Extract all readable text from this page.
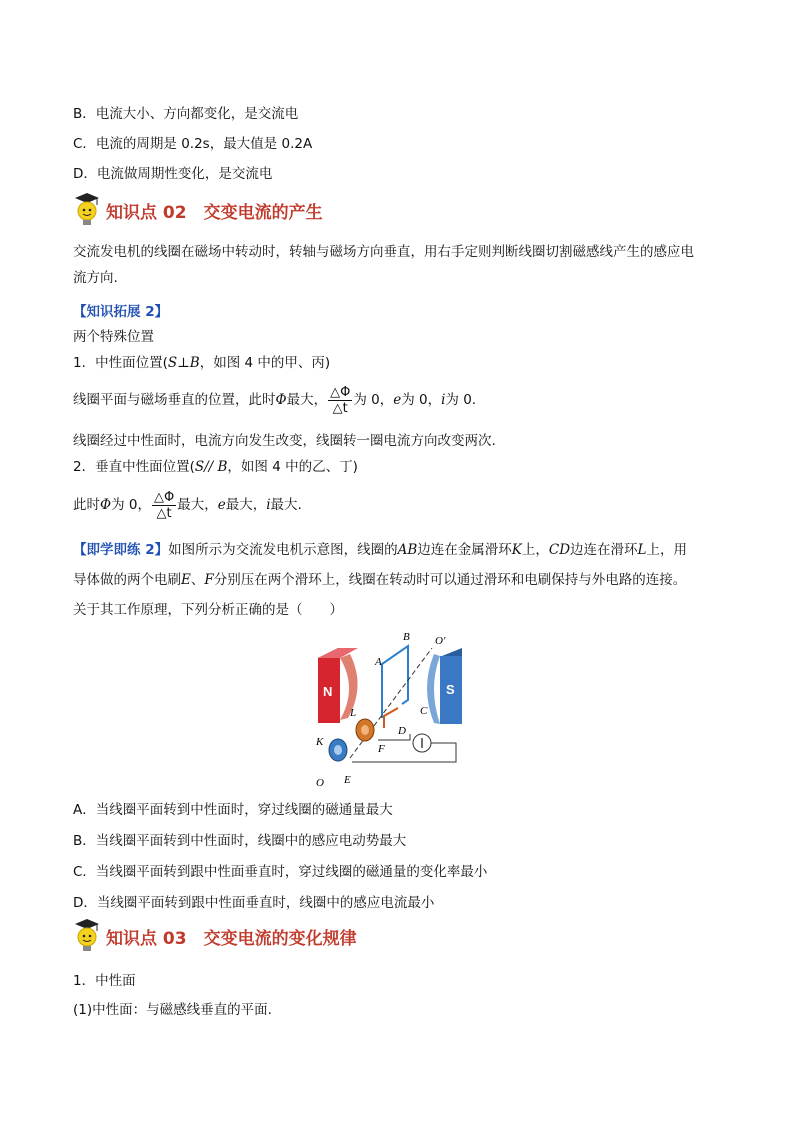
B．电流大小、方向都变化，是交流电
C．电流的周期是 0.2s，最大值是 0.2A
D．电流做周期性变化，是交流电
知识点 02　交变电流的产生
交流发电机的线圈在磁场中转动时，转轴与磁场方向垂直，用右手定则判断线圈切割磁感线产生的感应电
流方向.
【知识拓展 2】
两个特殊位置
1．中性面位置(S⊥B，如图 4 中的甲、丙)
线圈平面与磁场垂直的位置，此时Φ最大， $\frac{\triangle\Phi}{\triangle t}$ 为 0，e为 0，i为 0.
线圈经过中性面时，电流方向发生改变，线圈转一圈电流方向改变两次.
2．垂直中性面位置(S// B，如图 4 中的乙、丁)
此时Φ为 0， $\frac{\triangle\Phi}{\triangle t}$ 最大，e最大，i最大.
【即学即练 2】如图所示为交流发电机示意图，线圈的AB边连在金属滑环K上，CD边连在滑环L上，用
导体做的两个电刷E、F分别压在两个滑环上，线圈在转动时可以通过滑环和电刷保持与外电路的连接。
关于其工作原理，下列分析正确的是（　　）
N	S
B
A
O′
C
D
L
K
O E
F
A．当线圈平面转到中性面时，穿过线圈的磁通量最大
B．当线圈平面转到中性面时，线圈中的感应电动势最大
C．当线圈平面转到跟中性面垂直时，穿过线圈的磁通量的变化率最小
D．当线圈平面转到跟中性面垂直时，线圈中的感应电流最小
知识点 03　交变电流的变化规律
1．中性面
(1)中性面：与磁感线垂直的平面.
